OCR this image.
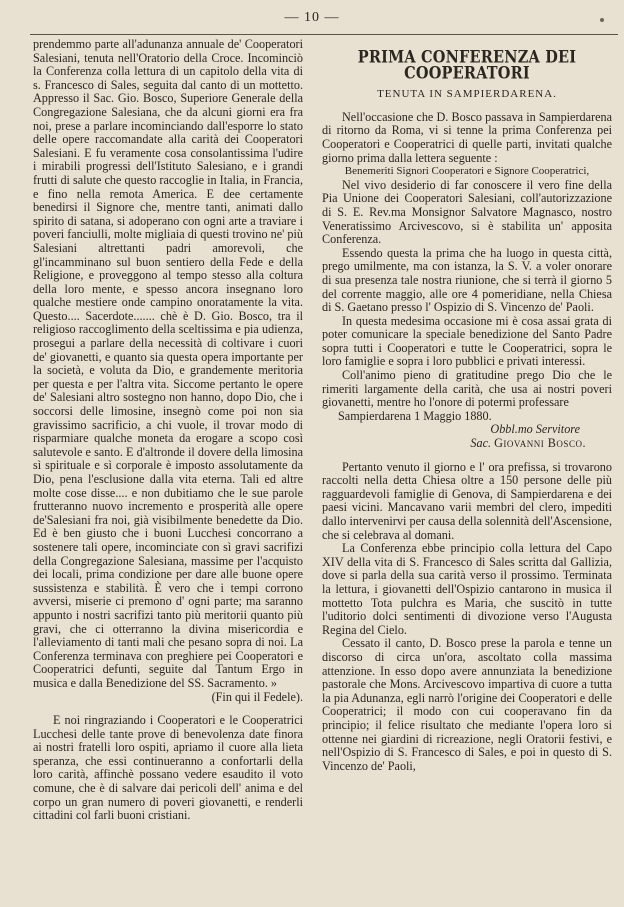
— 10 —

prendemmo parte all'adunanza annuale de' Cooperatori Salesiani, tenuta nell'Oratorio della Croce. Incominciò la Conferenza colla lettura di un capitolo della vita di s. Francesco di Sales, seguita dal canto di un mottetto. Appresso il Sac. Gio. Bosco, Superiore Generale della Congregazione Salesiana, che da alcuni giorni era fra noi, prese a parlare incominciando dall'esporre lo stato delle opere raccomandate alla carità dei Cooperatori Salesiani. E fu veramente cosa consolantissima l'udire i mirabili progressi dell'Istituto Salesiano, e i grandi frutti di salute che questo raccoglie in Italia, in Francia, e fino nella remota America. E dee certamente benedirsi il Signore che, mentre tanti, animati dallo spirito di satana, si adoperano con ogni arte a traviare i poveri fanciulli, molte migliaia di questi trovino ne' più Salesiani altrettanti padri amorevoli, che gl'incamminano sul buon sentiero della Fede e della Religione, e proveggono al tempo stesso alla coltura della loro mente, e spesso ancora insegnano loro qualche mestiere onde campino onoratamente la vita. Questo.... Sacerdote....... chè è D. Gio. Bosco, tra il religioso raccoglimento della sceltissima e pia udienza, prosegui a parlare della necessità di coltivare i cuori de' giovanetti, e quanto sia questa opera importante per la società, e voluta da Dio, e grandemente meritoria per questa e per l'altra vita. Siccome pertanto le opere de' Salesiani altro sostegno non hanno, dopo Dio, che i soccorsi delle limosine, insegnò come poi non sia gravissimo sacrificio, a chi vuole, il trovar modo di risparmiare qualche moneta da erogare a scopo così salutevole e santo. E d'altronde il dovere della limosina sì spirituale e sì corporale è imposto assolutamente da Dio, pena l'esclusione dalla vita eterna. Tali ed altre molte cose disse.... e non dubitiamo che le sue parole frutteranno nuovo incremento e prosperità alle opere de'Salesiani fra noi, già visibilmente benedette da Dio. Ed è ben giusto che i buoni Lucchesi concorrano a sostenere tali opere, incominciate con sì gravi sacrifizi della Congregazione Salesiana, massime per l'acquisto dei locali, prima condizione per dare alle buone opere sussistenza e stabilità. È vero che i tempi corrono avversi, miserie ci premono d' ogni parte; ma saranno appunto i nostri sacrifizi tanto più meritorii quanto più gravi, che ci otterranno la divina misericordia e l'alleviamento di tanti mali che pesano sopra di noi. La Conferenza terminava con preghiere pei Cooperatori e Cooperatrici defunti, seguite dal Tantum Ergo in musica e dalla Benedizione del SS. Sacramento. »

(Fin qui il Fedele).

E noi ringraziando i Cooperatori e le Cooperatrici Lucchesi delle tante prove di benevolenza date finora ai nostri fratelli loro ospiti, apriamo il cuore alla lieta speranza, che essi continueranno a confortarli della loro carità, affinchè possano vedere esaudito il voto comune, che è di salvare dai pericoli dell' anima e del corpo un gran numero di poveri giovanetti, e renderli cittadini col farli buoni cristiani.

PRIMA CONFERENZA DEI COOPERATORI
TENUTA IN SAMPIERDARENA.

Nell'occasione che D. Bosco passava in Sampierdarena di ritorno da Roma, vi si tenne la prima Conferenza pei Cooperatori e Cooperatrici di quelle parti, invitati qualche giorno prima dalla lettera seguente :

Benemeriti Signori Cooperatori e Signore Cooperatrici,

Nel vivo desiderio di far conoscere il vero fine della Pia Unione dei Cooperatori Salesiani, coll'autorizzazione di S. E. Rev.ma Monsignor Salvatore Magnasco, nostro Veneratissimo Arcivescovo, si è stabilita un' apposita Conferenza.

Essendo questa la prima che ha luogo in questa città, prego umilmente, ma con istanza, la S. V. a voler onorare di sua presenza tale nostra riunione, che si terrà il giorno 5 del corrente maggio, alle ore 4 pomeridiane, nella Chiesa di S. Gaetano presso l' Ospizio di S. Vincenzo de' Paoli.

In questa medesima occasione mi è cosa assai grata di poter comunicare la speciale benedizione del Santo Padre sopra tutti i Cooperatori e tutte le Cooperatrici, sopra le loro famiglie e sopra i loro pubblici e privati interessi.

Coll'animo pieno di gratitudine prego Dio che le rimeriti largamente della carità, che usa ai nostri poveri giovanetti, mentre ho l'onore di potermi professare

Sampierdarena 1 Maggio 1880.

Obbl.mo Servitore

Sac. Giovanni Bosco.

Pertanto venuto il giorno e l' ora prefissa, si trovarono raccolti nella detta Chiesa oltre a 150 persone delle più ragguardevoli famiglie di Genova, di Sampierdarena e dei paesi vicini. Mancavano varii membri del clero, impediti dallo intervenirvi per causa della solennità dell'Ascensione, che si celebrava al domani.

La Conferenza ebbe principio colla lettura del Capo XIV della vita di S. Francesco di Sales scritta dal Gallizia, dove si parla della sua carità verso il prossimo. Terminata la lettura, i giovanetti dell'Ospizio cantarono in musica il mottetto Tota pulchra es Maria, che suscitò in tutte l'uditorio dolci sentimenti di divozione verso l'Augusta Regina del Cielo.

Cessato il canto, D. Bosco prese la parola e tenne un discorso di circa un'ora, ascoltato colla massima attenzione. In esso dopo avere annunziata la benedizione pastorale che Mons. Arcivescovo impartiva di cuore a tutta la pia Adunanza, egli narrò l'origine dei Cooperatori e delle Cooperatrici; il modo con cui cooperavano fin da principio; il felice risultato che mediante l'opera loro si ottenne nei giardini di ricreazione, negli Oratorii festivi, e nell'Ospizio di S. Francesco di Sales, e poi in questo di S. Vincenzo de' Paoli,
